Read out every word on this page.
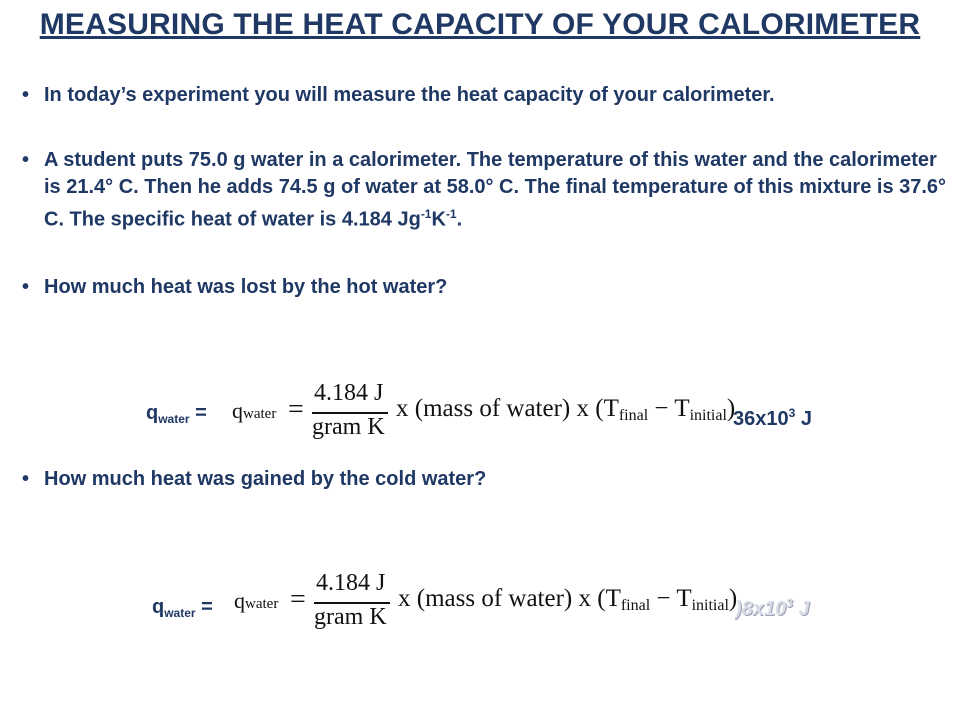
MEASURING THE HEAT CAPACITY OF YOUR CALORIMETER
• In today’s experiment you will measure the heat capacity of your calorimeter.
• A student puts 75.0 g water in a calorimeter. The temperature of this water and the calorimeter is 21.4° C. Then he adds 74.5 g of water at 58.0° C. The final temperature of this mixture is 37.6° C. The specific heat of water is 4.184 $Jg^{-1}K^{-1}$.
• How much heat was lost by the hot water?
$q_{water}$ =	$36x10^3$ J
qwater =
4.184 J
gram K
x (mass of water) x $(T_{final} - T_{initial})$
• How much heat was gained by the cold water?
$q_{water}$ =	)$8x10^3$ J
qwater =
4.184 J
gram K
x (mass of water) x $(T_{final} - T_{initial})$
